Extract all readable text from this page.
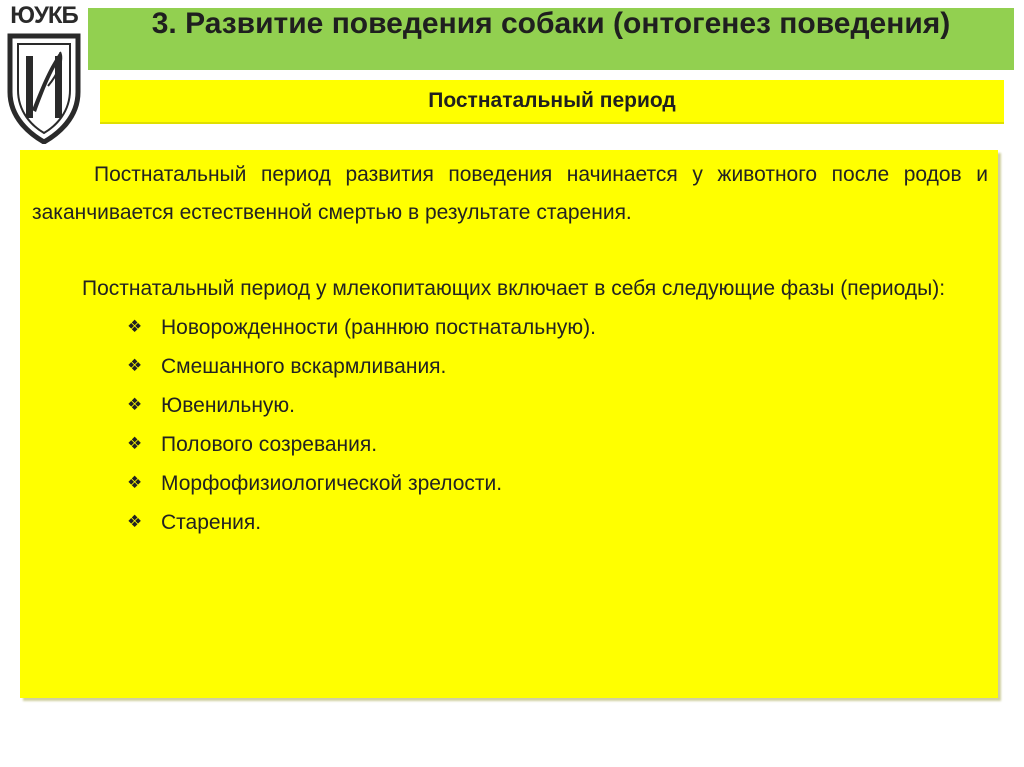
ЮУКБ	3. Развитие поведения собаки (онтогенез поведения)
Постнатальный период

Постнатальный период развития поведения начинается у животного после родов и заканчивается естественной смертью в результате старения.

Постнатальный период у млекопитающих включает в себя следующие фазы (периоды):

❖ Новорожденности (раннюю постнатальную).
❖ Смешанного вскармливания.
❖ Ювенильную.
❖ Полового созревания.
❖ Морфофизиологической зрелости.
❖ Старения.
